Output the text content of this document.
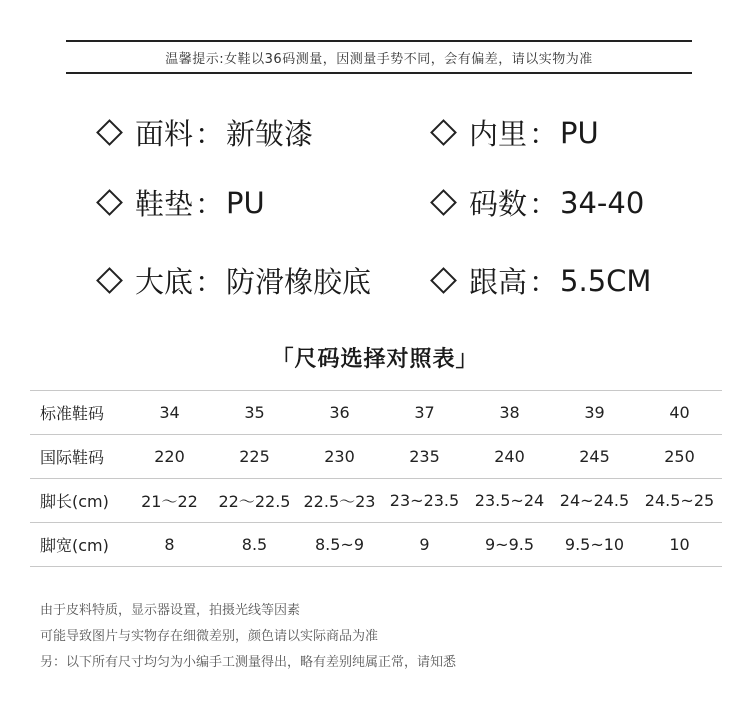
温馨提示:女鞋以36码测量，因测量手势不同，会有偏差，请以实物为准
面料 ： 新皱漆	内里 ： PU
鞋垫 ： PU	码数 ： 34-40
大底 ： 防滑橡胶底	跟高 ： 5.5CM
「尺码选择对照表」
标准鞋码	34	35	36	37	38	39	40
国际鞋码	220	225	230	235	240	245	250
脚长(cm)	21～22	22～22.5	22.5～23	23~23.5	23.5~24	24~24.5	24.5~25
脚宽(cm)	8	8.5	8.5~9	9	9~9.5	9.5~10	10
由于皮料特质，显示器设置，拍摄光线等因素
可能导致图片与实物存在细微差别，颜色请以实际商品为准
另：以下所有尺寸均匀为小编手工测量得出，略有差别纯属正常，请知悉
